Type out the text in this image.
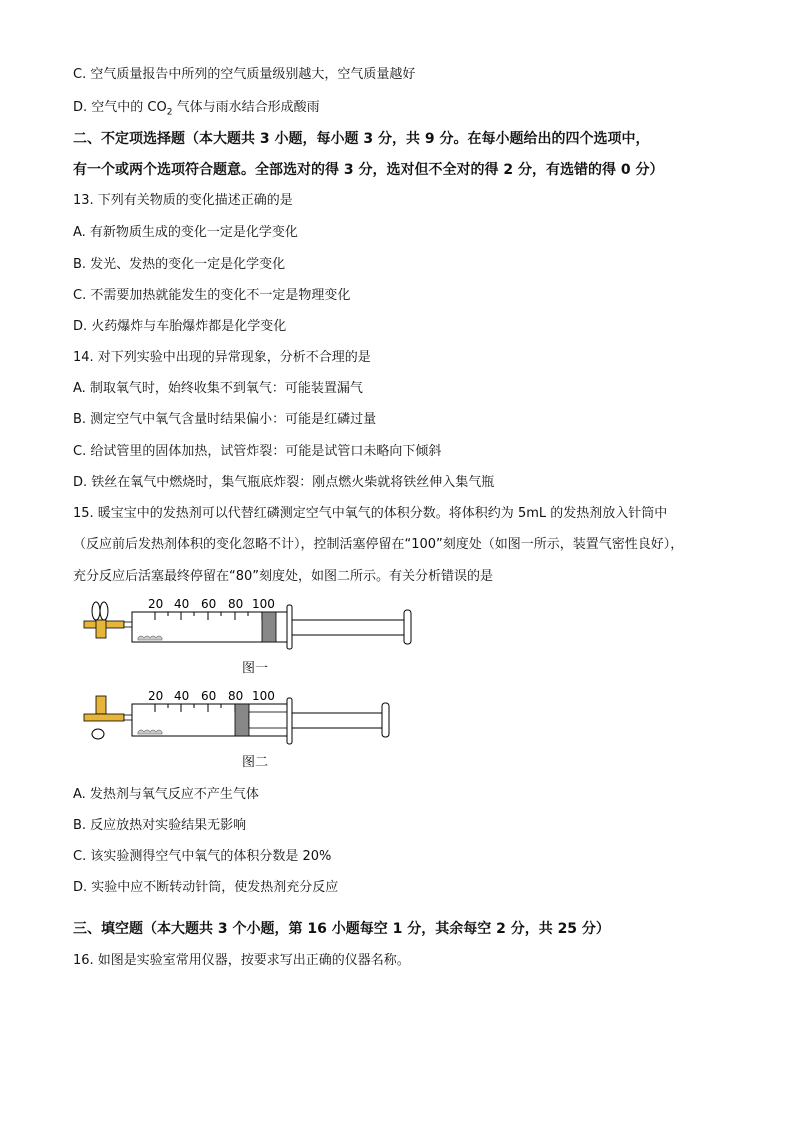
C. 空气质量报告中所列的空气质量级别越大，空气质量越好
D. 空气中的 $CO_2$ 气体与雨水结合形成酸雨
二、不定项选择题（本大题共 3 小题，每小题 3 分，共 9 分。在每小题给出的四个选项中，
有一个或两个选项符合题意。全部选对的得 3 分，选对但不全对的得 2 分，有选错的得 0 分）
13. 下列有关物质的变化描述正确的是
A. 有新物质生成的变化一定是化学变化
B. 发光、发热的变化一定是化学变化
C. 不需要加热就能发生的变化不一定是物理变化
D. 火药爆炸与车胎爆炸都是化学变化
14. 对下列实验中出现的异常现象，分析不合理的是
A. 制取氧气时，始终收集不到氧气：可能装置漏气
B. 测定空气中氧气含量时结果偏小：可能是红磷过量
C. 给试管里的固体加热，试管炸裂：可能是试管口未略向下倾斜
D. 铁丝在氧气中燃烧时，集气瓶底炸裂：刚点燃火柴就将铁丝伸入集气瓶
15. 暖宝宝中的发热剂可以代替红磷测定空气中氧气的体积分数。将体积约为 5mL 的发热剂放入针筒中
（反应前后发热剂体积的变化忽略不计），控制活塞停留在“100”刻度处（如图一所示，装置气密性良好），
充分反应后活塞最终停留在“80”刻度处，如图二所示。有关分析错误的是
20 40 60 80 100
图一
20 40 60 80 100
图二
A. 发热剂与氧气反应不产生气体
B. 反应放热对实验结果无影响
C. 该实验测得空气中氧气的体积分数是 20%
D. 实验中应不断转动针筒，使发热剂充分反应
三、填空题（本大题共 3 个小题，第 16 小题每空 1 分，其余每空 2 分，共 25 分）
16. 如图是实验室常用仪器，按要求写出正确的仪器名称。
